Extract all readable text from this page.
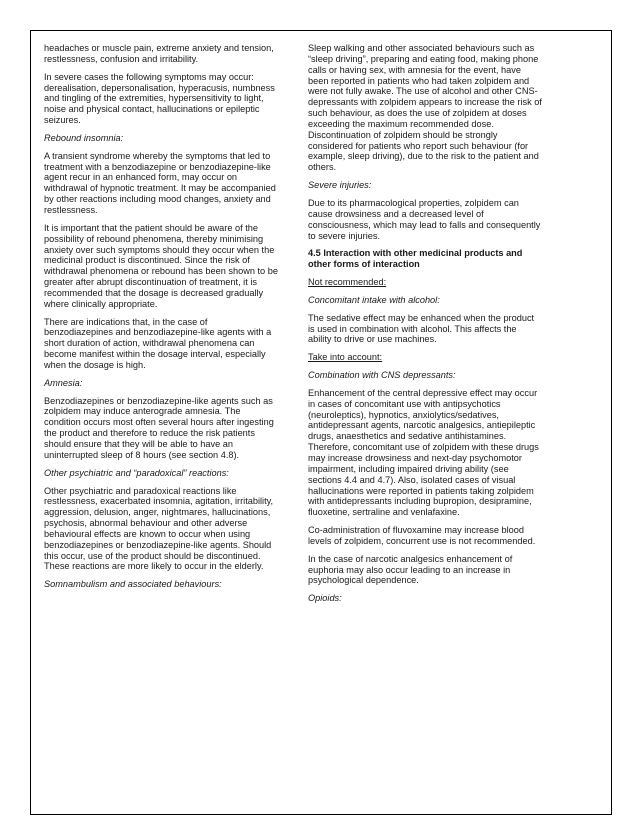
headaches or muscle pain, extreme anxiety and tension, restlessness, confusion and irritability.

In severe cases the following symptoms may occur: derealisation, depersonalisation, hyperacusis, numbness and tingling of the extremities, hypersensitivity to light, noise and physical contact, hallucinations or epileptic seizures.

Rebound insomnia:

A transient syndrome whereby the symptoms that led to treatment with a benzodiazepine or benzodiazepine-like agent recur in an enhanced form, may occur on withdrawal of hypnotic treatment. It may be accompanied by other reactions including mood changes, anxiety and restlessness.

It is important that the patient should be aware of the possibility of rebound phenomena, thereby minimising anxiety over such symptoms should they occur when the medicinal product is discontinued. Since the risk of withdrawal phenomena or rebound has been shown to be greater after abrupt discontinuation of treatment, it is recommended that the dosage is decreased gradually where clinically appropriate.

There are indications that, in the case of benzodiazepines and benzodiazepine-like agents with a short duration of action, withdrawal phenomena can become manifest within the dosage interval, especially when the dosage is high.

Amnesia:

Benzodiazepines or benzodiazepine-like agents such as zolpidem may induce anterograde amnesia. The condition occurs most often several hours after ingesting the product and therefore to reduce the risk patients should ensure that they will be able to have an uninterrupted sleep of 8 hours (see section 4.8).

Other psychiatric and “paradoxical” reactions:

Other psychiatric and paradoxical reactions like restlessness, exacerbated insomnia, agitation, irritability, aggression, delusion, anger, nightmares, hallucinations, psychosis, abnormal behaviour and other adverse behavioural effects are known to occur when using benzodiazepines or benzodiazepine-like agents. Should this occur, use of the product should be discontinued. These reactions are more likely to occur in the elderly.

Somnambulism and associated behaviours:

Sleep walking and other associated behaviours such as “sleep driving”, preparing and eating food, making phone calls or having sex, with amnesia for the event, have been reported in patients who had taken zolpidem and were not fully awake. The use of alcohol and other CNS-depressants with zolpidem appears to increase the risk of such behaviour, as does the use of zolpidem at doses exceeding the maximum recommended dose. Discontinuation of zolpidem should be strongly considered for patients who report such behaviour (for example, sleep driving), due to the risk to the patient and others.

Severe injuries:

Due to its pharmacological properties, zolpidem can cause drowsiness and a decreased level of consciousness, which may lead to falls and consequently to severe injuries.

4.5 Interaction with other medicinal products and other forms of interaction

Not recommended:

Concomitant intake with alcohol:

The sedative effect may be enhanced when the product is used in combination with alcohol. This affects the ability to drive or use machines.

Take into account:

Combination with CNS depressants:

Enhancement of the central depressive effect may occur in cases of concomitant use with antipsychotics (neuroleptics), hypnotics, anxiolytics/sedatives, antidepressant agents, narcotic analgesics, antiepileptic drugs, anaesthetics and sedative antihistamines. Therefore, concomitant use of zolpidem with these drugs may increase drowsiness and next-day psychomotor impairment, including impaired driving ability (see sections 4.4 and 4.7). Also, isolated cases of visual hallucinations were reported in patients taking zolpidem with antidepressants including bupropion, desipramine, fluoxetine, sertraline and venlafaxine.

Co-administration of fluvoxamine may increase blood levels of zolpidem, concurrent use is not recommended.

In the case of narcotic analgesics enhancement of euphoria may also occur leading to an increase in psychological dependence.

Opioids:
